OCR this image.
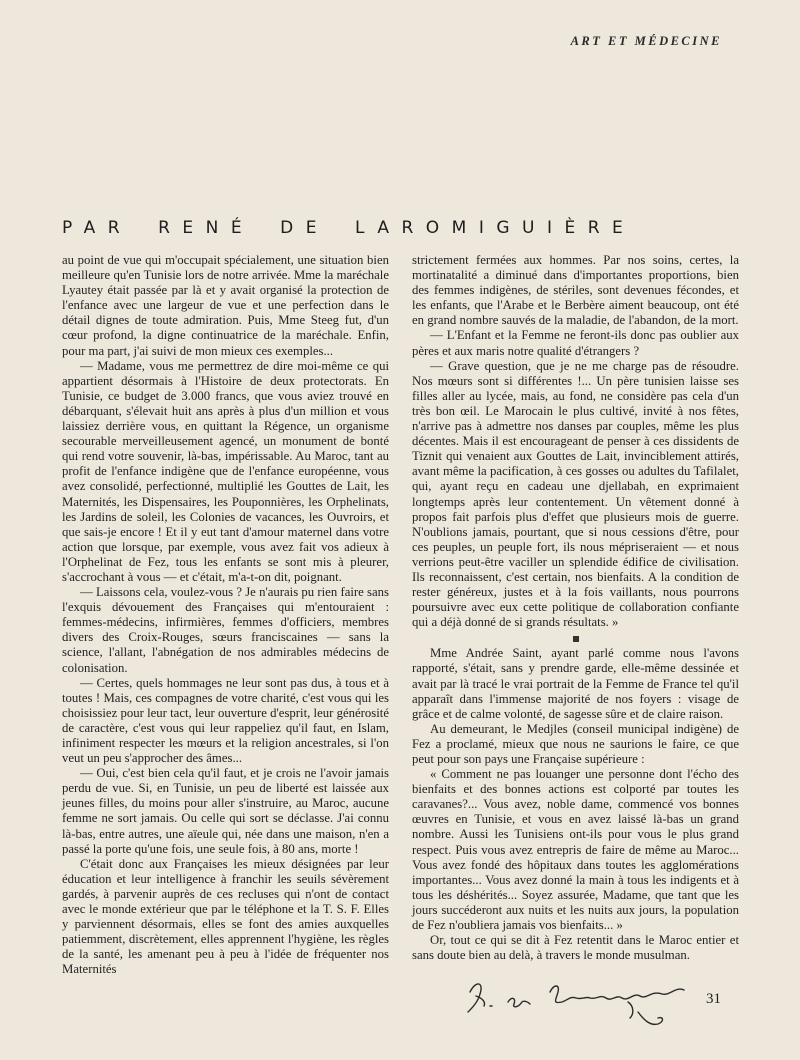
ART ET MÉDECINE
PAR RENÉ DE LAROMIGUIÈRE

au point de vue qui m'occupait spécialement, une situation bien meilleure qu'en Tunisie lors de notre arrivée. Mme la maréchale Lyautey était passée par là et y avait organisé la protection de l'enfance avec une largeur de vue et une perfection dans le détail dignes de toute admiration. Puis, Mme Steeg fut, d'un cœur profond, la digne continuatrice de la maréchale. Enfin, pour ma part, j'ai suivi de mon mieux ces exemples...

— Madame, vous me permettrez de dire moi-même ce qui appartient désormais à l'Histoire de deux protectorats. En Tunisie, ce budget de 3.000 francs, que vous aviez trouvé en débarquant, s'élevait huit ans après à plus d'un million et vous laissiez derrière vous, en quittant la Régence, un organisme secourable merveilleusement agencé, un monument de bonté qui rend votre souvenir, là-bas, impérissable. Au Maroc, tant au profit de l'enfance indigène que de l'enfance européenne, vous avez consolidé, perfectionné, multiplié les Gouttes de Lait, les Maternités, les Dispensaires, les Pouponnières, les Orphelinats, les Jardins de soleil, les Colonies de vacances, les Ouvroirs, et que sais-je encore ! Et il y eut tant d'amour maternel dans votre action que lorsque, par exemple, vous avez fait vos adieux à l'Orphelinat de Fez, tous les enfants se sont mis à pleurer, s'accrochant à vous — et c'était, m'a-t-on dit, poignant.

— Laissons cela, voulez-vous ? Je n'aurais pu rien faire sans l'exquis dévouement des Françaises qui m'entouraient : femmes-médecins, infirmières, femmes d'officiers, membres divers des Croix-Rouges, sœurs franciscaines — sans la science, l'allant, l'abnégation de nos admirables médecins de colonisation.

— Certes, quels hommages ne leur sont pas dus, à tous et à toutes ! Mais, ces compagnes de votre charité, c'est vous qui les choisissiez pour leur tact, leur ouverture d'esprit, leur générosité de caractère, c'est vous qui leur rappeliez qu'il faut, en Islam, infiniment respecter les mœurs et la religion ancestrales, si l'on veut un peu s'approcher des âmes...

— Oui, c'est bien cela qu'il faut, et je crois ne l'avoir jamais perdu de vue. Si, en Tunisie, un peu de liberté est laissée aux jeunes filles, du moins pour aller s'instruire, au Maroc, aucune femme ne sort jamais. Ou celle qui sort se déclasse. J'ai connu là-bas, entre autres, une aïeule qui, née dans une maison, n'en a passé la porte qu'une fois, une seule fois, à 80 ans, morte !

C'était donc aux Françaises les mieux désignées par leur éducation et leur intelligence à franchir les seuils sévèrement gardés, à parvenir auprès de ces recluses qui n'ont de contact avec le monde extérieur que par le téléphone et la T. S. F. Elles y parviennent désormais, elles se font des amies auxquelles patiemment, discrètement, elles apprennent l'hygiène, les règles de la santé, les amenant peu à peu à l'idée de fréquenter nos Maternités

strictement fermées aux hommes. Par nos soins, certes, la mortinatalité a diminué dans d'importantes proportions, bien des femmes indigènes, de stériles, sont devenues fécondes, et les enfants, que l'Arabe et le Berbère aiment beaucoup, ont été en grand nombre sauvés de la maladie, de l'abandon, de la mort.

— L'Enfant et la Femme ne feront-ils donc pas oublier aux pères et aux maris notre qualité d'étrangers ?

— Grave question, que je ne me charge pas de résoudre. Nos mœurs sont si différentes !... Un père tunisien laisse ses filles aller au lycée, mais, au fond, ne considère pas cela d'un très bon œil. Le Marocain le plus cultivé, invité à nos fêtes, n'arrive pas à admettre nos danses par couples, même les plus décentes. Mais il est encourageant de penser à ces dissidents de Tiznit qui venaient aux Gouttes de Lait, invinciblement attirés, avant même la pacification, à ces gosses ou adultes du Tafilalet, qui, ayant reçu en cadeau une djellabah, en exprimaient longtemps après leur contentement. Un vêtement donné à propos fait parfois plus d'effet que plusieurs mois de guerre. N'oublions jamais, pourtant, que si nous cessions d'être, pour ces peuples, un peuple fort, ils nous mépriseraient — et nous verrions peut-être vaciller un splendide édifice de civilisation. Ils reconnaissent, c'est certain, nos bienfaits. A la condition de rester généreux, justes et à la fois vaillants, nous pourrons poursuivre avec eux cette politique de collaboration confiante qui a déjà donné de si grands résultats. »

Mme Andrée Saint, ayant parlé comme nous l'avons rapporté, s'était, sans y prendre garde, elle-même dessinée et avait par là tracé le vrai portrait de la Femme de France tel qu'il apparaît dans l'immense majorité de nos foyers : visage de grâce et de calme volonté, de sagesse sûre et de claire raison.

Au demeurant, le Medjles (conseil municipal indigène) de Fez a proclamé, mieux que nous ne saurions le faire, ce que peut pour son pays une Française supérieure :

« Comment ne pas louanger une personne dont l'écho des bienfaits et des bonnes actions est colporté par toutes les caravanes?... Vous avez, noble dame, commencé vos bonnes œuvres en Tunisie, et vous en avez laissé là-bas un grand nombre. Aussi les Tunisiens ont-ils pour vous le plus grand respect. Puis vous avez entrepris de faire de même au Maroc... Vous avez fondé des hôpitaux dans toutes les agglomérations importantes... Vous avez donné la main à tous les indigents et à tous les déshérités... Soyez assurée, Madame, que tant que les jours succéderont aux nuits et les nuits aux jours, la population de Fez n'oubliera jamais vos bienfaits... »

Or, tout ce qui se dit à Fez retentit dans le Maroc entier et sans doute bien au delà, à travers le monde musulman.

31
